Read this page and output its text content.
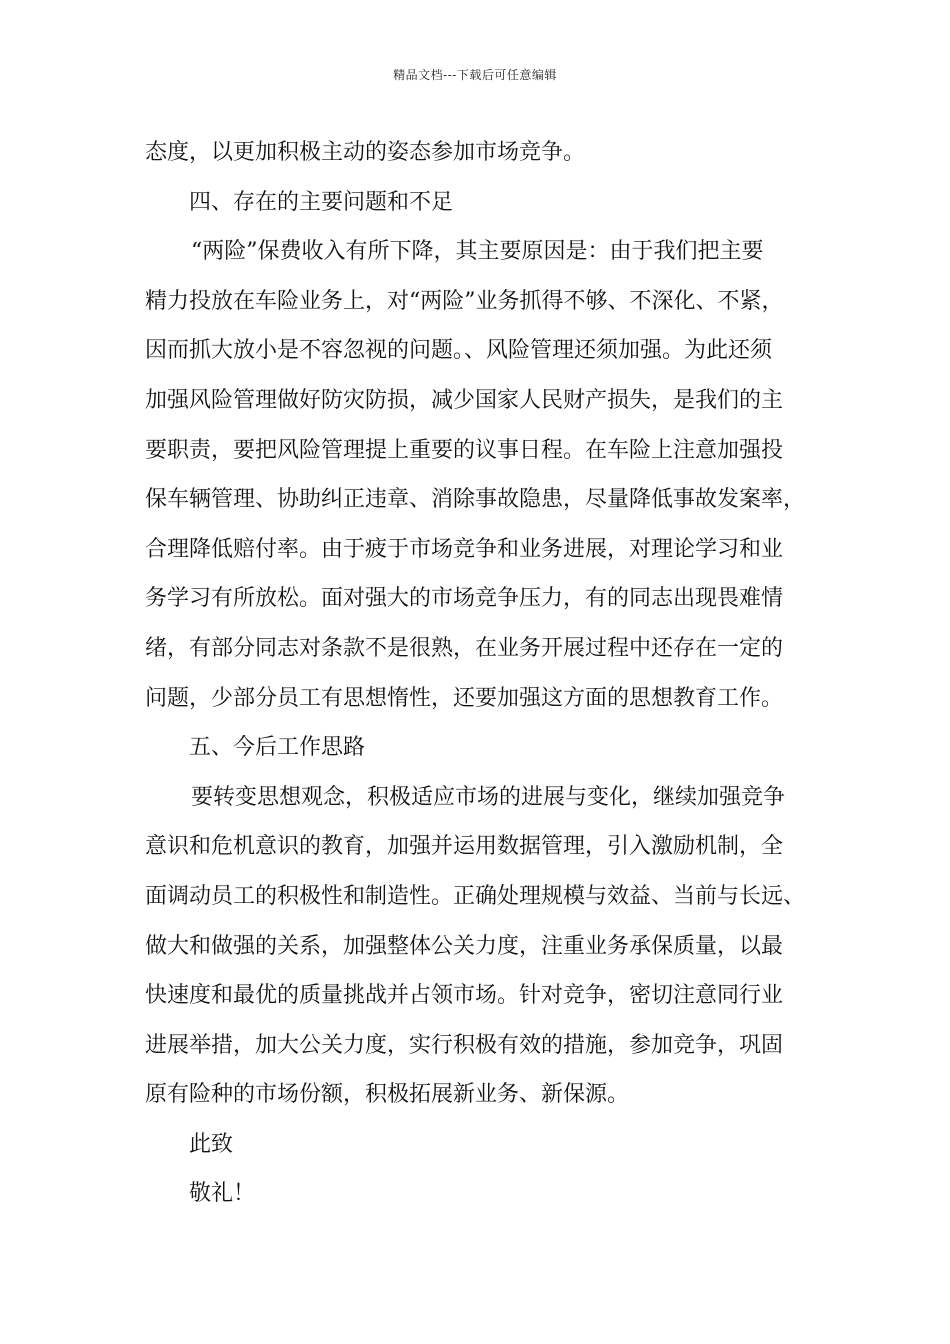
精品文档---下载后可任意编辑

态度，以更加积极主动的姿态参加市场竞争。

四、存在的主要问题和不足

“两险”保费收入有所下降，其主要原因是：由于我们把主要

精力投放在车险业务上，对“两险”业务抓得不够、不深化、不紧，

因而抓大放小是不容忽视的问题。、风险管理还须加强。为此还须

加强风险管理做好防灾防损，减少国家人民财产损失，是我们的主

要职责，要把风险管理提上重要的议事日程。在车险上注意加强投

保车辆管理、协助纠正违章、消除事故隐患，尽量降低事故发案率，

合理降低赔付率。由于疲于市场竞争和业务进展，对理论学习和业

务学习有所放松。面对强大的市场竞争压力，有的同志出现畏难情

绪，有部分同志对条款不是很熟，在业务开展过程中还存在一定的

问题，少部分员工有思想惰性，还要加强这方面的思想教育工作。

五、今后工作思路

要转变思想观念，积极适应市场的进展与变化，继续加强竞争

意识和危机意识的教育，加强并运用数据管理，引入激励机制，全

面调动员工的积极性和制造性。正确处理规模与效益、当前与长远、

做大和做强的关系，加强整体公关力度，注重业务承保质量，以最

快速度和最优的质量挑战并占领市场。针对竞争，密切注意同行业

进展举措，加大公关力度，实行积极有效的措施，参加竞争，巩固

原有险种的市场份额，积极拓展新业务、新保源。

此致

敬礼！
